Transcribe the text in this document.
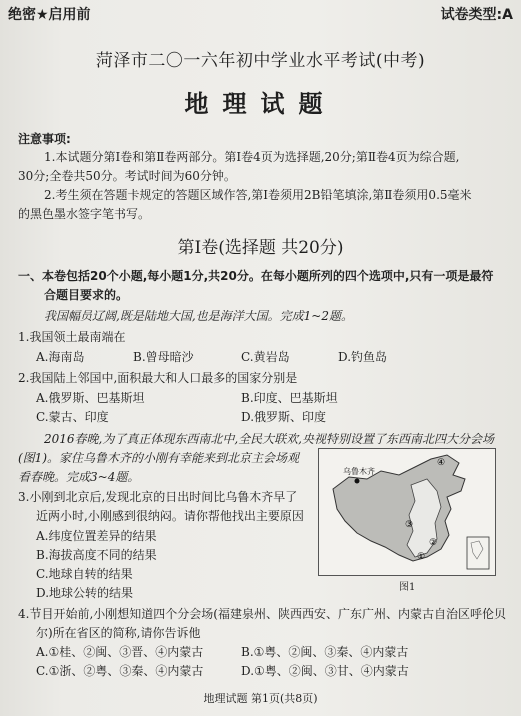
绝密★启用前	试卷类型:A
菏泽市二〇一六年初中学业水平考试(中考)
地理试题
注意事项:
1.本试题分第Ⅰ卷和第Ⅱ卷两部分。第Ⅰ卷4页为选择题,20分;第Ⅱ卷4页为综合题,
30分;全卷共50分。考试时间为60分钟。
2.考生须在答题卡规定的答题区域作答,第Ⅰ卷须用2B铅笔填涂,第Ⅱ卷须用0.5毫米
的黑色墨水签字笔书写。
第Ⅰ卷(选择题 共20分)
一、本卷包括20个小题,每小题1分,共20分。在每小题所列的四个选项中,只有一项是最符
合题目要求的。
我国幅员辽阔,既是陆地大国,也是海洋大国。完成1~2题。
1.我国领土最南端在
A.海南岛	B.曾母暗沙	C.黄岩岛	D.钓鱼岛
2.我国陆上邻国中,面积最大和人口最多的国家分别是
A.俄罗斯、巴基斯坦	B.印度、巴基斯坦
C.蒙古、印度	D.俄罗斯、印度
2016春晚,为了真正体现东西南北中,全民大联欢,央视特别设置了东西南北四大分会场
(图1)。家住乌鲁木齐的小刚有幸能来到北京主会场观
看春晚。完成3~4题。
3.小刚到北京后,发现北京的日出时间比乌鲁木齐早了
近两小时,小刚感到很纳闷。请你帮他找出主要原因
A.纬度位置差异的结果
B.海拔高度不同的结果
C.地球自转的结果
D.地球公转的结果
乌鲁木齐
④
③
②
①
图1
4.节目开始前,小刚想知道四个分会场(福建泉州、陕西西安、广东广州、内蒙古自治区呼伦贝
尔)所在省区的简称,请你告诉他
A.①桂、②闽、③晋、④内蒙古	B.①粤、②闽、③秦、④内蒙古
C.①浙、②粤、③秦、④内蒙古	D.①粤、②闽、③甘、④内蒙古
地理试题 第1页(共8页)
